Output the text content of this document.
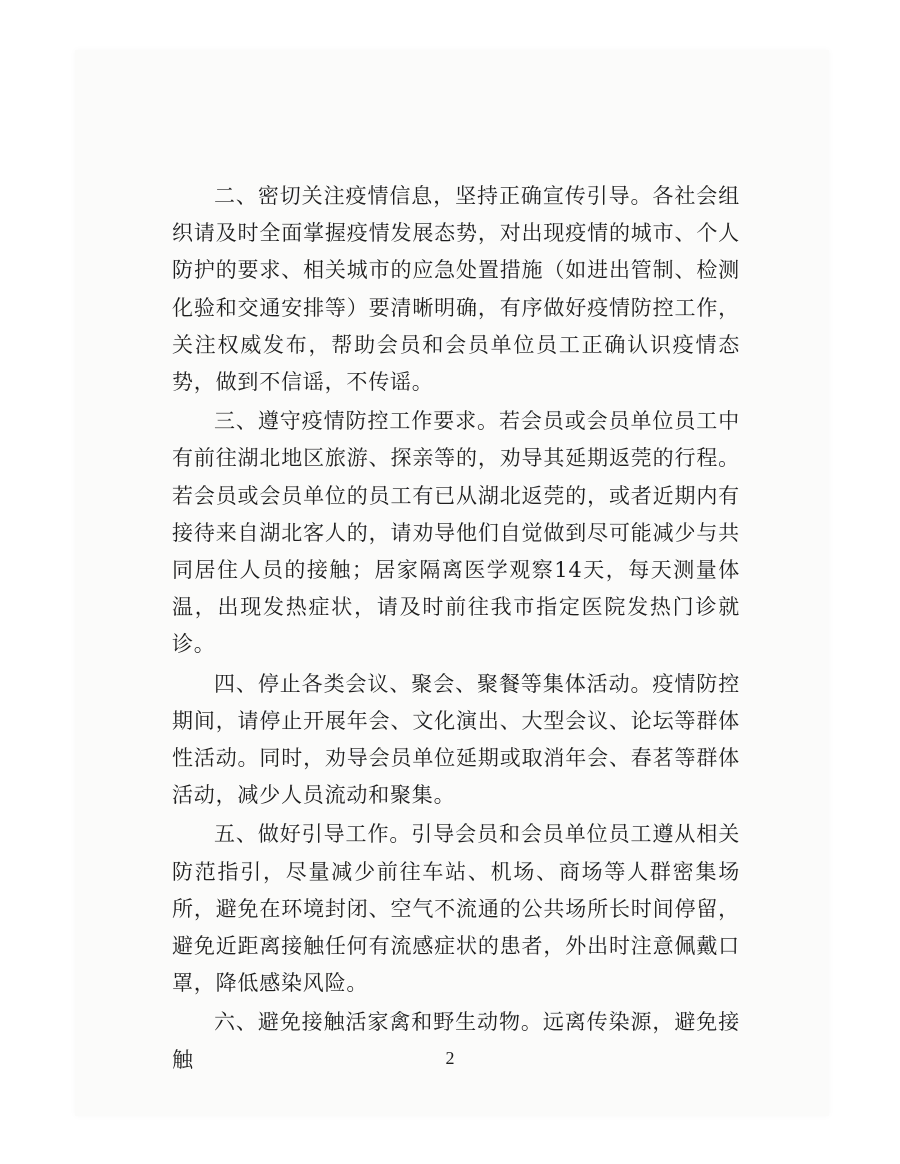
二、密切关注疫情信息，坚持正确宣传引导。各社会组织请及时全面掌握疫情发展态势，对出现疫情的城市、个人防护的要求、相关城市的应急处置措施（如进出管制、检测化验和交通安排等）要清晰明确，有序做好疫情防控工作，关注权威发布，帮助会员和会员单位员工正确认识疫情态势，做到不信谣，不传谣。

三、遵守疫情防控工作要求。若会员或会员单位员工中有前往湖北地区旅游、探亲等的，劝导其延期返莞的行程。若会员或会员单位的员工有已从湖北返莞的，或者近期内有接待来自湖北客人的，请劝导他们自觉做到尽可能减少与共同居住人员的接触；居家隔离医学观察14天，每天测量体温，出现发热症状，请及时前往我市指定医院发热门诊就诊。

四、停止各类会议、聚会、聚餐等集体活动。疫情防控期间，请停止开展年会、文化演出、大型会议、论坛等群体性活动。同时，劝导会员单位延期或取消年会、春茗等群体活动，减少人员流动和聚集。

五、做好引导工作。引导会员和会员单位员工遵从相关防范指引，尽量减少前往车站、机场、商场等人群密集场所，避免在环境封闭、空气不流通的公共场所长时间停留，避免近距离接触任何有流感症状的患者，外出时注意佩戴口罩，降低感染风险。

六、避免接触活家禽和野生动物。远离传染源，避免接触	2
